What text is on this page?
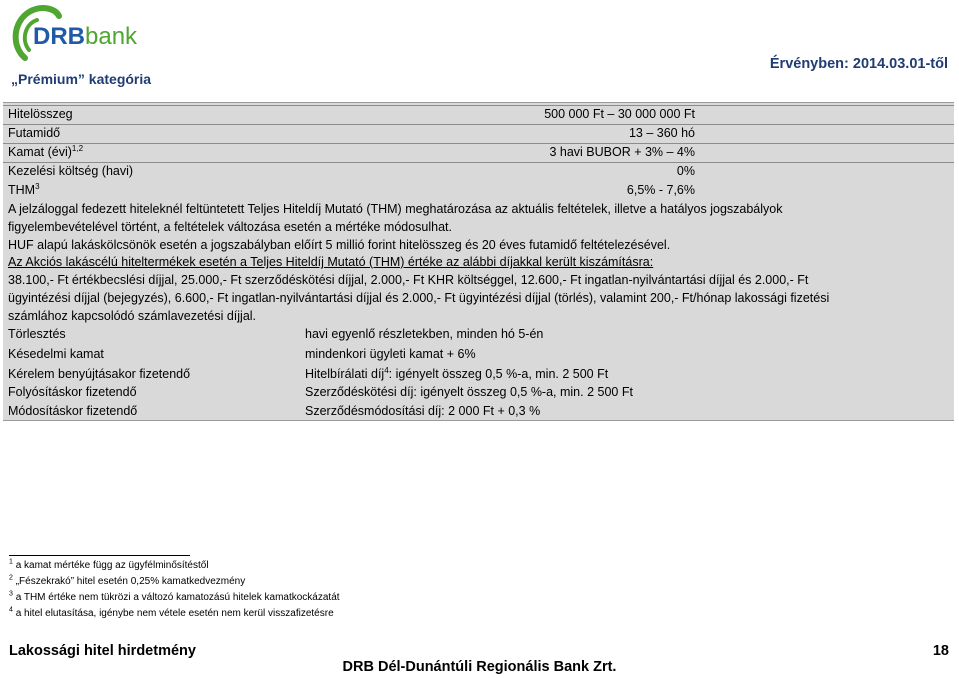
DRB bank
„Prémium” kategória
Érvényben: 2014.03.01-től
Hitelösszeg	500 000 Ft – 30 000 000 Ft
Futamidő	13 – 360 hó
Kamat (évi)$^{1,2}$	3 havi BUBOR + 3% – 4%
Kezelési költség (havi)	0%
THM$^3$	6,5% - 7,6%
A jelzáloggal fedezett hiteleknél feltüntetett Teljes Hiteldíj Mutató (THM) meghatározása az aktuális feltételek, illetve a hatályos jogszabályok
figyelembevételével történt, a feltételek változása esetén a mértéke módosulhat.
HUF alapú lakáskölcsönök esetén a jogszabályban előírt 5 millió forint hitelösszeg és 20 éves futamidő feltételezésével.
Az Akciós lakáscélú hiteltermékek esetén a Teljes Hiteldíj Mutató (THM) értéke az alábbi díjakkal került kiszámításra:
38.100,- Ft értékbecslési díjjal, 25.000,- Ft szerződéskötési díjjal, 2.000,- Ft KHR költséggel, 12.600,- Ft ingatlan-nyilvántartási díjjal és 2.000,- Ft
ügyintézési díjjal (bejegyzés), 6.600,- Ft ingatlan-nyilvántartási díjjal és 2.000,- Ft ügyintézési díjjal (törlés), valamint 200,- Ft/hónap lakossági fizetési
számlához kapcsolódó számlavezetési díjjal.
Törlesztés	havi egyenlő részletekben, minden hó 5-én
Késedelmi kamat	mindenkori ügyleti kamat + 6%
Kérelem benyújtásakor fizetendő	Hitelbírálati díj$^4$: igényelt összeg 0,5 %-a, min. 2 500 Ft
Folyósításkor fizetendő	Szerződéskötési díj: igényelt összeg 0,5 %-a, min. 2 500 Ft
Módosításkor fizetendő	Szerződésmódosítási díj: 2 000 Ft + 0,3 %
$^1$ a kamat mértéke függ az ügyfélminősítéstől
$^2$ „Fészekrakó” hitel esetén 0,25% kamatkedvezmény
$^3$ a THM értéke nem tükrözi a változó kamatozású hitelek kamatkockázatát
$^4$ a hitel elutasítása, igénybe nem vétele esetén nem kerül visszafizetésre
Lakossági hitel hirdetmény	18
DRB Dél-Dunántúli Regionális Bank Zrt.
